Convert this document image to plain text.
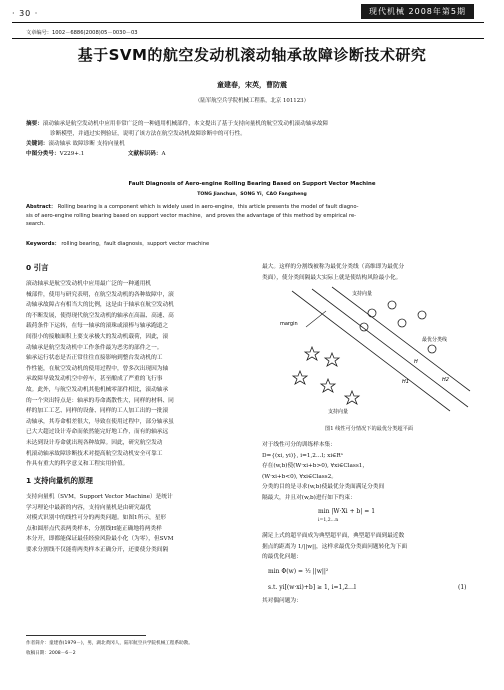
· 30 ·	现代机械 2008年第5期
文章编号：1002－6886(2008)05－0030－03
基于SVM的航空发动机滚动轴承故障诊断技术研究
童建春，宋英，曹防震
（陆军航空兵学院机械工程系，北京 101123）
摘要：滚动轴承是航空发动机中应用非常广泛的一种通用机械部件，本文提出了基于支持向量机的航空发动机滚动轴承故障
诊断模型，并通过实例验证，说明了该方法在航空发动机故障诊断中的可行性。
关键词：滚动轴承 故障诊断 支持向量机
中图分类号：V229+.1	文献标识码：A
Fault Diagnosis of Aero-engine Rolling Bearing Based on Support Vector Machine
TONG Jianchun，SONG Yi，CAO Fangzheng
Abstract： Rolling bearing is a component which is widely used in aero-engine，this article presents the model of fault diagno-
sis of aero-engine rolling bearing based on support vector machine，and proves the advantage of this method by empirical re-
search.
Keywords： rolling bearing，fault diagnosis，support vector machine
0 引言
滚动轴承是航空发动机中应用最广泛的一种通用机
械部件，使用与研究表明，在航空发动机的各种故障中，滚
动轴承故障占有相当大的比例，这是由于轴承在航空发动机
的不断发展，使得现代航空发动机的轴承在高温、高速、高
载荷条件下运转，在每一轴承的滚珠或滚棒与轴承跑道之
间很小的接触面积上要支承极大的发动机载荷，因此，滚
动轴承是航空发动机中工作条件最为恶劣的部件之一。
轴承运行状态是否正常往往直接影响到整台发动机的工
作性能，在航空发动机的使用过程中，曾多次出现因为轴
承故障导致发动机空中停车，甚至酿成了严重的飞行事
故。此外，与航空发动机其他机械零部件相比，滚动轴承
的一个突出特点是：轴承的寿命离散性大，同样的材料、同
样的加工工艺、同样的设备、同样的工人加工出的一批滚
动轴承，其寿命相差很大，导致在使用过程中，部分轴承虽
已大大超过设计寿命而依然能完好地工作，而有的轴承远
未达到设计寿命就出现各种故障。因此，研究航空发动
机滚动轴承故障诊断技术对提高航空发动机安全可靠工
作具有重大的科学意义和工程实用价值。
1 支持向量机的原理
支持向量机（SVM，Support Vector Machine）是统计
学习理论中最新的内容，支持向量机是由研究最优
对模式识别中的线性可分的两类问题。如图1所示，星形
点和圆形点代表两类样本，分割线H能正确地将两类样
本分开，即都能保证最佳经验风险最小化（为零），但SVM
要求分割线不仅能将两类样本正确分开，还要使分类间隔
最大。这样的分割线被称为最优分类线（高维即为最优分
类面），使分类间隔最大实际上就是使结构风险最小化。
margin
支持向量
最优分类线
H
H1	H2
支持向量
图1 线性可分情况下的最优分类超平面
对于线性可分的训练样本集：
D={(xi, yi)}, i=1,2…l; xi∈Rⁿ
存在(w,b)使(W·xi+b>0), ∀xi∈Class1，
(W·xi+b<0), ∀xi∈Class2。
分类的目的是寻求(w,b)使最优分类面满足分类间
隔最大，并且对(w,b)进行如下约束：
min |W·Xi + b| = 1
i=1,2…n
满足上式的超平面成为典型超平面，典型超平面到最近数
据点的距离为 1/||w||，这样求最优分类面问题转化为下面
的最优化问题：
min Φ(w) = ½ ||w||²
s.t. yi[(w·xi)+b] ≥ 1, i=1,2…l	(1)
其对偶问题为：
作者简介：童建春(1979－)，男，湖北黄冈人，陆军航空兵学院机械工程系助教。
收稿日期：2008－6－2
